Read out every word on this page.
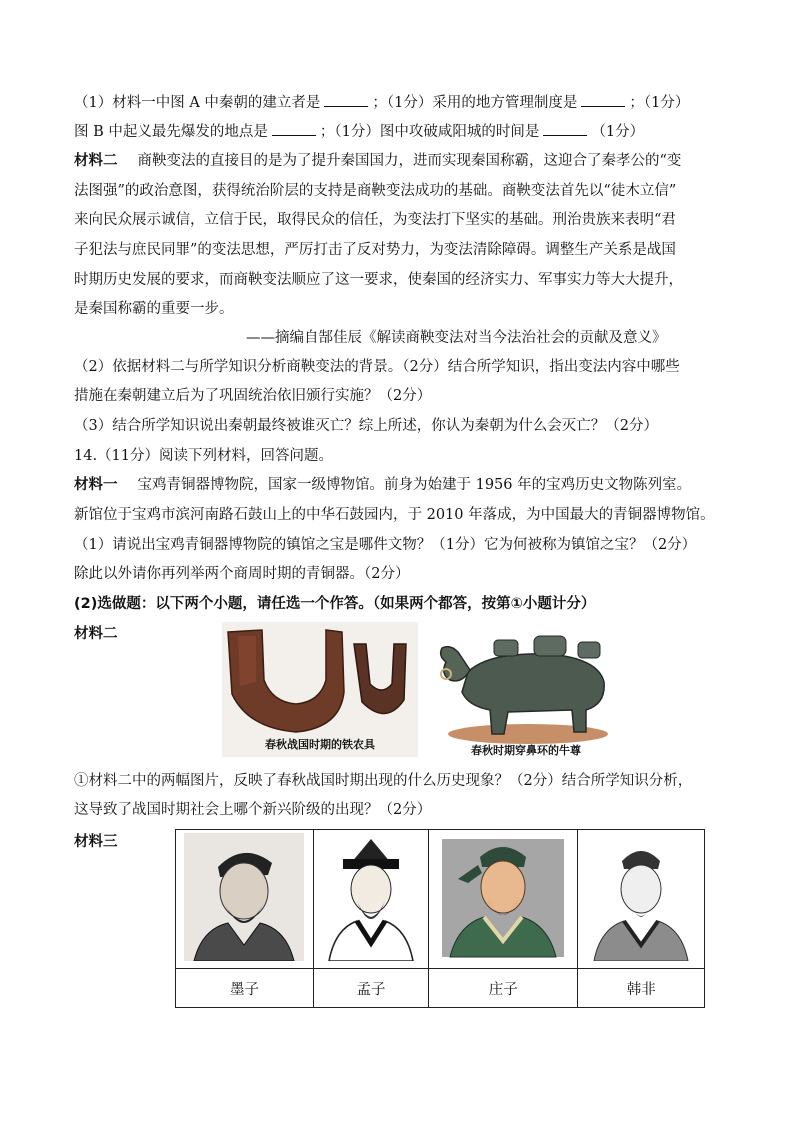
（1）材料一中图 A 中秦朝的建立者是	；（1分）采用的地方管理制度是	；（1分）
图 B 中起义最先爆发的地点是	；（1分）图中攻破咸阳城的时间是	（1分）
材料二 商鞅变法的直接目的是为了提升秦国国力，进而实现秦国称霸，这迎合了秦孝公的“变
法图强”的政治意图，获得统治阶层的支持是商鞅变法成功的基础。商鞅变法首先以“徒木立信”
来向民众展示诚信，立信于民，取得民众的信任，为变法打下坚实的基础。刑治贵族来表明“君
子犯法与庶民同罪”的变法思想，严厉打击了反对势力，为变法清除障碍。调整生产关系是战国
时期历史发展的要求，而商鞅变法顺应了这一要求，使秦国的经济实力、军事实力等大大提升，
是秦国称霸的重要一步。
——摘编自郜佳辰《解读商鞅变法对当今法治社会的贡献及意义》
（2）依据材料二与所学知识分析商鞅变法的背景。（2分）结合所学知识，指出变法内容中哪些
措施在秦朝建立后为了巩固统治依旧颁行实施？（2分）
（3）结合所学知识说出秦朝最终被谁灭亡？综上所述，你认为秦朝为什么会灭亡？（2分）
14.（11分）阅读下列材料，回答问题。
材料一 宝鸡青铜器博物院，国家一级博物馆。前身为始建于 1956 年的宝鸡历史文物陈列室。
新馆位于宝鸡市滨河南路石鼓山上的中华石鼓园内，于 2010 年落成，为中国最大的青铜器博物馆。
（1）请说出宝鸡青铜器博物院的镇馆之宝是哪件文物？（1分）它为何被称为镇馆之宝？（2分）
除此以外请你再列举两个商周时期的青铜器。（2分）
(2)选做题：以下两个小题，请任选一个作答。（如果两个都答，按第①小题计分）
材料二
春秋战国时期的铁农具	春秋时期穿鼻环的牛尊
①材料二中的两幅图片，反映了春秋战国时期出现的什么历史现象？（2分）结合所学知识分析，
这导致了战国时期社会上哪个新兴阶级的出现？（2分）
材料三

墨子	孟子	庄子	韩非
